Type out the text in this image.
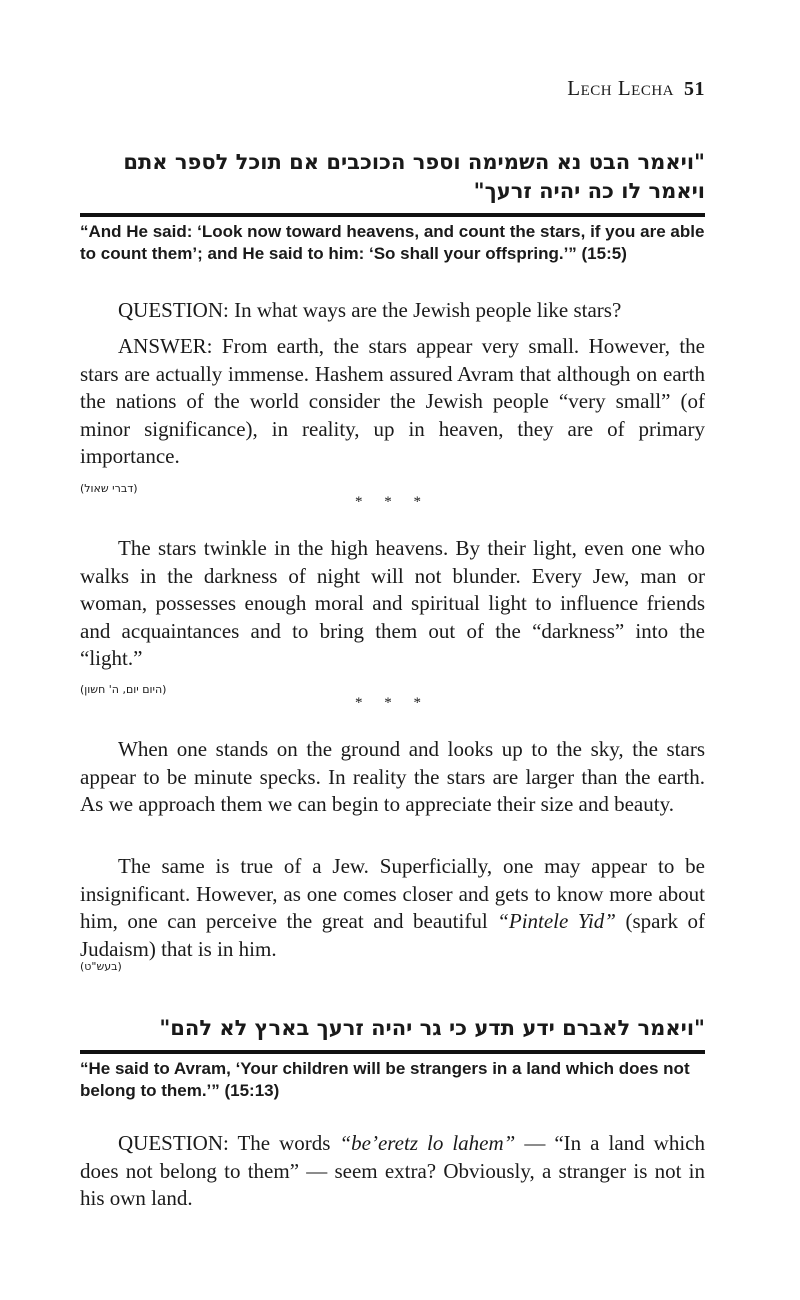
Lech Lecha 51
"ויאמר הבט נא השמימה וספר הכוכבים אם תוכל לספר אתם
ויאמר לו כה יהיה זרעך"
“And He said: ‘Look now toward heavens, and count the stars, if you are able to count them’; and He said to him: ‘So shall your offspring.’” (15:5)

QUESTION: In what ways are the Jewish people like stars?

ANSWER: From earth, the stars appear very small. However, the stars are actually immense. Hashem assured Avram that although on earth the nations of the world consider the Jewish people “very small” (of minor significance), in reality, up in heaven, they are of primary importance.

(דברי שאול)
* * *

The stars twinkle in the high heavens. By their light, even one who walks in the darkness of night will not blunder. Every Jew, man or woman, possesses enough moral and spiritual light to influence friends and acquaintances and to bring them out of the “darkness” into the “light.”

(היום יום, ה' חשון)
* * *

When one stands on the ground and looks up to the sky, the stars appear to be minute specks. In reality the stars are larger than the earth. As we approach them we can begin to appreciate their size and beauty.

The same is true of a Jew. Superficially, one may appear to be insignificant. However, as one comes closer and gets to know more about him, one can perceive the great and beautiful “Pintele Yid” (spark of Judaism) that is in him.

(בעש"ט)
"ויאמר לאברם ידע תדע כי גר יהיה זרעך בארץ לא להם"
“He said to Avram, ‘Your children will be strangers in a land which does not belong to them.’” (15:13)

QUESTION: The words “be’eretz lo lahem” — “In a land which does not belong to them” — seem extra? Obviously, a stranger is not in his own land.
